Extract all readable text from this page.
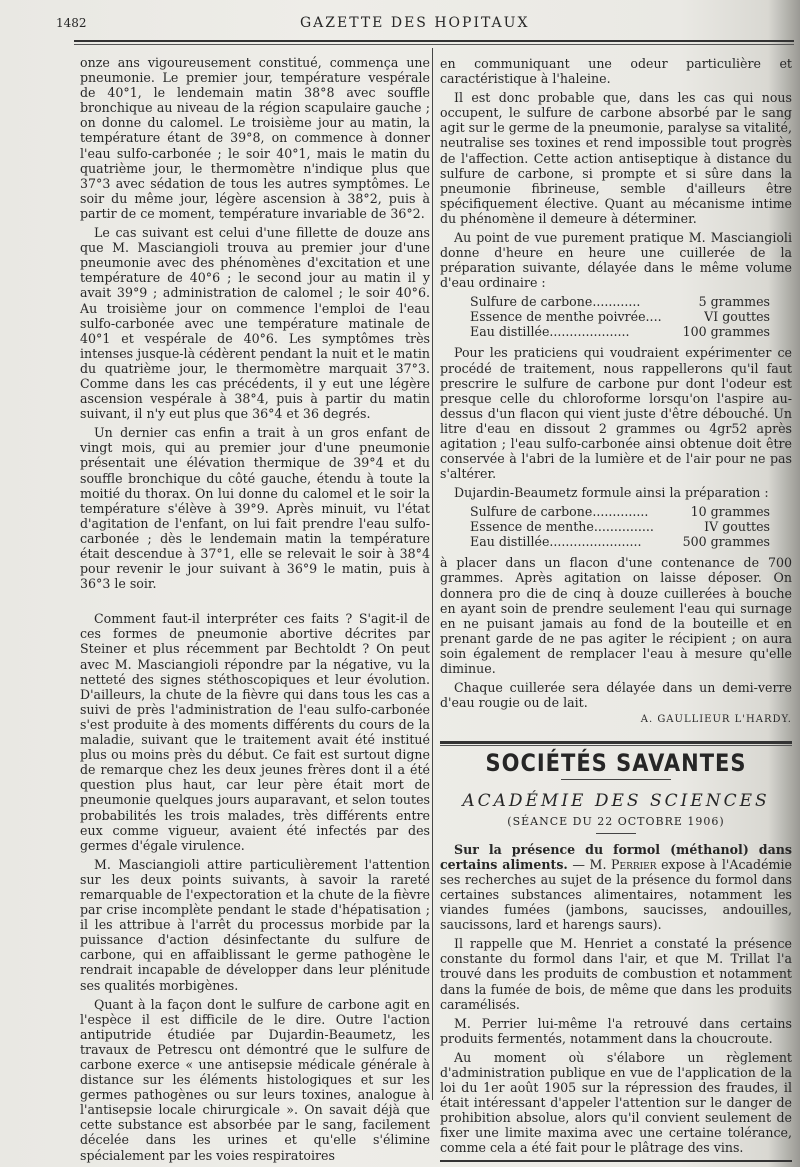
1482	GAZETTE DES HOPITAUX

onze ans vigoureusement constitué, commença une pneumonie. Le premier jour, température vespérale de 40°1, le lendemain matin 38°8 avec souffle bronchique au niveau de la région scapulaire gauche ; on donne du calomel. Le troisième jour au matin, la température étant de 39°8, on commence à donner l'eau sulfo-carbonée ; le soir 40°1, mais le matin du quatrième jour, le thermomètre n'indique plus que 37°3 avec sédation de tous les autres symptômes. Le soir du même jour, légère ascension à 38°2, puis à partir de ce moment, température invariable de 36°2.

Le cas suivant est celui d'une fillette de douze ans que M. Masciangioli trouva au premier jour d'une pneumonie avec des phénomènes d'excitation et une température de 40°6 ; le second jour au matin il y avait 39°9 ; administration de calomel ; le soir 40°6. Au troisième jour on commence l'emploi de l'eau sulfo-carbonée avec une température matinale de 40°1 et vespérale de 40°6. Les symptômes très intenses jusque-là cédèrent pendant la nuit et le matin du quatrième jour, le thermomètre marquait 37°3. Comme dans les cas précédents, il y eut une légère ascension vespérale à 38°4, puis à partir du matin suivant, il n'y eut plus que 36°4 et 36 degrés.

Un dernier cas enfin a trait à un gros enfant de vingt mois, qui au premier jour d'une pneumonie présentait une élévation thermique de 39°4 et du souffle bronchique du côté gauche, étendu à toute la moitié du thorax. On lui donne du calomel et le soir la température s'élève à 39°9. Après minuit, vu l'état d'agitation de l'enfant, on lui fait prendre l'eau sulfo-carbonée ; dès le lendemain matin la température était descendue à 37°1, elle se relevait le soir à 38°4 pour revenir le jour suivant à 36°9 le matin, puis à 36°3 le soir.

Comment faut-il interpréter ces faits ? S'agit-il de ces formes de pneumonie abortive décrites par Steiner et plus récemment par Bechtoldt ? On peut avec M. Masciangioli répondre par la négative, vu la netteté des signes stéthoscopiques et leur évolution. D'ailleurs, la chute de la fièvre qui dans tous les cas a suivi de près l'administration de l'eau sulfo-carbonée s'est produite à des moments différents du cours de la maladie, suivant que le traitement avait été institué plus ou moins près du début. Ce fait est surtout digne de remarque chez les deux jeunes frères dont il a été question plus haut, car leur père était mort de pneumonie quelques jours auparavant, et selon toutes probabilités les trois malades, très différents entre eux comme vigueur, avaient été infectés par des germes d'égale virulence.

M. Masciangioli attire particulièrement l'attention sur les deux points suivants, à savoir la rareté remarquable de l'expectoration et la chute de la fièvre par crise incomplète pendant le stade d'hépatisation ; il les attribue à l'arrêt du processus morbide par la puissance d'action désinfectante du sulfure de carbone, qui en affaiblissant le germe pathogène le rendrait incapable de développer dans leur plénitude ses qualités morbigènes.

Quant à la façon dont le sulfure de carbone agit en l'espèce il est difficile de le dire. Outre l'action antiputride étudiée par Dujardin-Beaumetz, les travaux de Petrescu ont démontré que le sulfure de carbone exerce « une antisepsie médicale générale à distance sur les éléments histologiques et sur les germes pathogènes ou sur leurs toxines, analogue à l'antisepsie locale chirurgicale ». On savait déjà que cette substance est absorbée par le sang, facilement décelée dans les urines et qu'elle s'élimine spécialement par les voies respiratoires

en communiquant une odeur particulière et caractéristique à l'haleine.

Il est donc probable que, dans les cas qui nous occupent, le sulfure de carbone absorbé par le sang agit sur le germe de la pneumonie, paralyse sa vitalité, neutralise ses toxines et rend impossible tout progrès de l'affection. Cette action antiseptique à distance du sulfure de carbone, si prompte et si sûre dans la pneumonie fibrineuse, semble d'ailleurs être spécifiquement élective. Quant au mécanisme intime du phénomène il demeure à déterminer.

Au point de vue purement pratique M. Masciangioli donne d'heure en heure une cuillerée de la préparation suivante, délayée dans le même volume d'eau ordinaire :

Sulfure de carbone............	5 grammes
Essence de menthe poivrée....	VI gouttes
Eau distillée....................	100 grammes

Pour les praticiens qui voudraient expérimenter ce procédé de traitement, nous rappellerons qu'il faut prescrire le sulfure de carbone pur dont l'odeur est presque celle du chloroforme lorsqu'on l'aspire au-dessus d'un flacon qui vient juste d'être débouché. Un litre d'eau en dissout 2 grammes ou 4gr52 après agitation ; l'eau sulfo-carbonée ainsi obtenue doit être conservée à l'abri de la lumière et de l'air pour ne pas s'altérer.

Dujardin-Beaumetz formule ainsi la préparation :

Sulfure de carbone..............	10 grammes
Essence de menthe...............	IV gouttes
Eau distillée.......................	500 grammes

à placer dans un flacon d'une contenance de 700 grammes. Après agitation on laisse déposer. On donnera pro die de cinq à douze cuillerées à bouche en ayant soin de prendre seulement l'eau qui surnage en ne puisant jamais au fond de la bouteille et en prenant garde de ne pas agiter le récipient ; on aura soin également de remplacer l'eau à mesure qu'elle diminue.

Chaque cuillerée sera délayée dans un demi-verre d'eau rougie ou de lait.

A. GAULLIEUR L'HARDY.
SOCIÉTÉS SAVANTES
ACADÉMIE DES SCIENCES
(SÉANCE DU 22 OCTOBRE 1906)

Sur la présence du formol (méthanol) dans certains aliments. — M. Perrier expose à l'Académie ses recherches au sujet de la présence du formol dans certaines substances alimentaires, notamment les viandes fumées (jambons, saucisses, andouilles, saucissons, lard et harengs saurs).

Il rappelle que M. Henriet a constaté la présence constante du formol dans l'air, et que M. Trillat l'a trouvé dans les produits de combustion et notamment dans la fumée de bois, de même que dans les produits caramélisés.

M. Perrier lui-même l'a retrouvé dans certains produits fermentés, notamment dans la choucroute.

Au moment où s'élabore un règlement d'administration publique en vue de l'application de la loi du 1er août 1905 sur la répression des fraudes, il était intéressant d'appeler l'attention sur le danger de prohibition absolue, alors qu'il convient seulement de fixer une limite maxima avec une certaine tolérance, comme cela a été fait pour le plâtrage des vins.
